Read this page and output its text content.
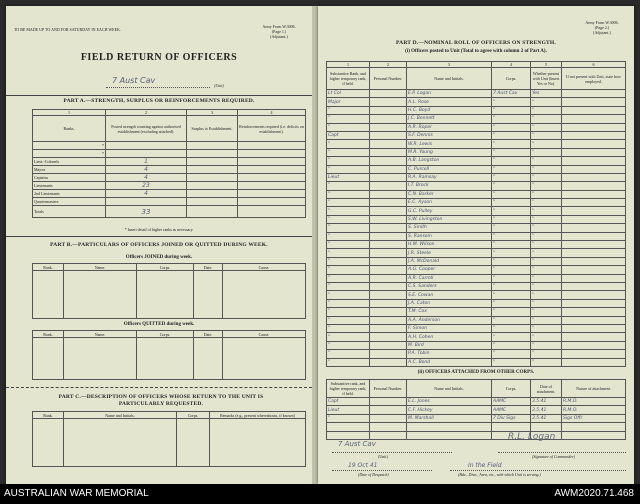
TO BE MADE UP TO AND FOR SATURDAY IN EACH WEEK.
Army Form W.3006.
(Page 1.)
(Adjutant.)
FIELD RETURN OF OFFICERS
7 Aust Cav
(Unit)
PART A.—STRENGTH, SURPLUS OR REINFORCEMENTS REQUIRED.
1	2	3	4
Ranks.	Posted strength counting against authorised establishment (excluding attached).	Surplus to Establishment.	Reinforcements required (i.e. deficits on establishment).
*			
*			
Lieut.-Colonels	1		
Majors	4		
Captains	4		
Lieutenants	23		
2nd Lieutenants	4		
Quartermasters			
Totals	33		
* Insert detail of higher ranks as necessary.
PART B.—PARTICULARS OF OFFICERS JOINED OR QUITTED DURING WEEK.
Officers JOINED during week.
Rank.	Name.	Corps.	Date.	Cause.

Officers QUITTED during week.
Rank.	Name.	Corps.	Date.	Cause.

PART C.—DESCRIPTION OF OFFICERS WHOSE RETURN TO THE UNIT IS PARTICULARLY REQUESTED.
Rank.	Name and Initials.	Corps.	Remarks (e.g., present whereabouts, if known)

Army Form W.3006.
(Page 2.)
(Adjutant.)
PART D.—NOMINAL ROLL OF OFFICERS ON STRENGTH.
(i) Officers posted to Unit (Total to agree with column 2 of Part A).
1	2	3	4	5	6
Substantive Rank, and higher temporary rank, if held.	Personal Number.	Name and Initials.	Corps.	Whether present with Unit (Insert Yes or No).	If not present with Unit, state how employed.
Lt Col		E.P. Logan	7 Aust Cav	Yes	
Major		A.L. Rose	"	"	
"		H.C. Boyd	"	"	
"		J.C. Bennett	"	"	
"		A.R. Roper	"	"	
Capt		S.F. Dennis	"	"	
"		W.R. Lewis	"	"	
"		M.R. Young	"	"	
"		A.B. Langston	"	"	
"		C. Purcell	"	"	
Lieut		R.A. Ramsay	"	"	
"		I.T. Brock	"	"	
"		C.N. Barker	"	"	
"		E.C. Ayson	"	"	
"		G.C. Pulley	"	"	
"		S.W. Livingston	"	"	
"		S. Smith	"	"	
"		S. Ransom	"	"	
"		H.M. Wilson	"	"	
"		J.R. Steele	"	"	
"		J.A. McDonald	"	"	
"		A.G. Cooper	"	"	
"		A.R. Carroll	"	"	
"		C.S. Sanders	"	"	
"		S.E. Cowan	"	"	
"		J.A. Caton	"	"	
"		T.M. Cox	"	"	
"		A.A. Anderson	"	"	
"		F. Simon	"	"	
"		A.H. Cohen	"	"	
"		M. Bird	"	"	
"		P.A. Tobin	"	"	
"		A.C. Bond	"	"	
(ii) OFFICERS ATTACHED FROM OTHER CORPS.
Substantive rank, and higher temporary rank, if held.	Personal Number.	Name and Initials.	Corps.	Date of attachment.	Nature of attachment.
Capt		E.L. Jones	AAMC	3.5.41	R.M.O.
Lieut		C.F. Hickey	AAMC	3.5.41	R.M.O.
"		M. Marshall	7 Div Sigs	3.5.41	Sigs Offr

7 Aust Cav
(Unit)
R.L. Logan
(Signature of Commander)
19 Oct 41
(Date of Despatch)
In the Field
(Bde., Divn., Area, etc., with which Unit is serving.)
AUSTRALIAN WAR MEMORIAL	AWM2020.71.468
